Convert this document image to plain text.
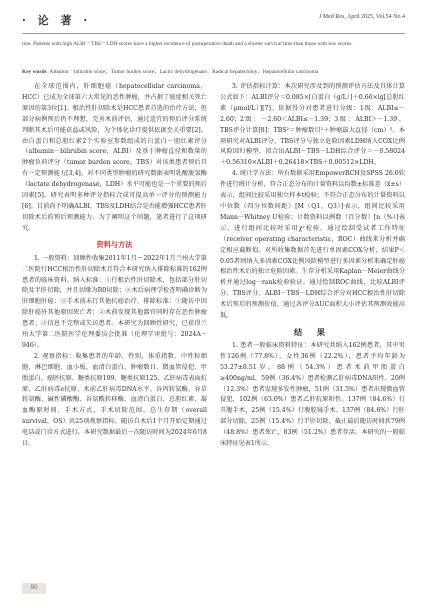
· 论 著 ·	J Med Res, April 2025, Vol.54 No.4
tion. Patients with high ALBI－TBS－LDH scores have a higher incidence of postoperative death and a shorter survival time than those with low scores.
Key words Albumin－bilirubin score；Tumor burden score；Lactic dehydrogenase；Radical hepatectomy；Hepatocellular carcinoma

在全球范围内，肝细胞癌（hepatocellular carcinoma，HCC）已成为全球第六大常见的恶性肿瘤，并占据了癌症相关死亡原因的第3位[1]。根治性肝切除术是HCC患者首选的治疗方法，但部分病例预后仍不理想，完善术前评估，通过适宜的预后评分系统判断其术后可能获益或风险，为个体化诊疗提供依据至关重要[2]。由白蛋白和总胆红素2个实验室参数组成的白蛋白－胆红素评分（albumin－bilirubin score，ALBI）及基于肿瘤直径和数量的肿瘤负荷评分（tumor burden score，TBS）对该类患者预后具有一定预测能力[3,4]。对不同类型肿瘤的研究数据表明乳酸脱氢酶（lactate dehydrogenase，LDH）水平可能也是一个重要的预后因素[5]。研究表明多种评分指标合成可提高单一评分的预测能力[6]。目前尚不明确ALBI、TBS及LDH结合是否能增强HCC患者肝切除术后的预后预测能力。为了阐明这个问题，笔者进行了这项研究。

资料与方法

1. 一般资料：回顾性收集2011年1月～2022年1月兰州大学第二医院行HCC根治性肝切除术且符合本研究纳入排除标准的162例患者的临床资料。纳入标准：①行根治性肝切除术，包括部分肝切除及半肝切除，并且切缘为R0切除；②术后病理学检查明确诊断为肝细胞肝癌；③手术前未行其他抗癌治疗。排除标准：①随访中因除肝癌外其他原因死亡者；②术前发现其他器官同时存在恶性肿瘤患者；③信息不完整或失访患者。本研究为回顾性研究，已获得兰州大学第二医院医学伦理委员会批准（伦理学审批号：2024A－946）。

2. 观察指标：收集患者的年龄、性别、体重指数、中性粒细胞、淋巴细胞、血小板、血清白蛋白、肿瘤数目、微血管侵犯、甲胎蛋白、癌胚抗原、糖类抗原199、糖类抗原125、乙肝病毒表面抗原、乙肝病毒e抗原、术前乙肝病毒DNA水平、谷丙转氨酶、谷草转氨酶、碱性磷酸酶、谷氨酰转移酶、血清白蛋白、总胆红素、凝血酶原时间、手术方式、手术切除范围、总生存期（overall survival，OS）共25项观察指标。随访自术后1个月开始定期通过电话或门诊方式进行。本研究数据最后一次随访时间为2024年6月8日。

3. 评估指标计算：本次研究涉及到的预测评估方法及具体计算公式如下：ALBI评分＝0.085×[白蛋白（g/L）]＋0.66×lg[总胆红素（μmol/L）][7]。依据得分对患者进行分级：1级：ALBI≤－2.60；2级：－2.60＜ALBI≤－1.39；3级：ALBI＞－1.39。TBS评分计算[8]：TBS²＝肿瘤数目²＋肿瘤最大直径（cm）²。本项研究对ALBI评分、TBS评分与独立危险因素LDH纳入COX比例风险回归模型，拟合出ALBI－TBS－LDH综合评分＝－0.58024＋0.56310×ALBI＋0.26418×TBS＋0.00512×LDH。

4. 统计学方法：所有数据采用EmpowerRCH及SPSS 26.0软件进行统计分析，符合正态分布的计量资料以均数±标准差（x̄±s）表示，组间比较采用独立样本t检验；不符合正态分布的计量资料以中位数（四分位数间距）[M（Q1，Q3）]表示，组间比较采用Mann－Whitney U检验；计数资料以例数（百分数）[n（%）]表示，进行组间比较时采用χ²检验。通过绘制受试者工作特征（receiver operating characteristic，ROC）曲线来分析并确定相应截断值。对所收集数据首先进行单因素COX分析，结果P＜0.05者则纳入多因素COX比例风险模型进行多因素分析来确定肝癌根治性术后的独立危险因素。生存分析采用Kaplan－Meier曲线分析并通过log－rank检验验证。通过绘制ROC曲线，比较ALBI评分、TBS评分、ALBI－TBS－LDH综合评分对HCC根治性肝切除术后预后的预测价值，通过各评分AUC面积大小评估其预测效能高低。

结 果

1. 患者一般临床资料特征：本研究共纳入162例患者，其中男性126例（77.8%），女性36例（22.2%），患者平均年龄为53.27±8.51岁。88例（54.3%）患者术前甲胎蛋白≥400ng/ml，59例（36.4%）患者检测乙肝病毒DNA阳性。20例（12.3%）患者发现多发性肿瘤，51例（31.5%）患者出现微血管侵犯，102例（63.0%）患者乙肝抗原阳性。137例（84.6%）行开腹手术，25例（15.4%）行腹腔镜手术。137例（84.6%）行肝部分切除，25例（15.4%）行半肝切除。截止最后随访时间共79例（48.8%）患者死亡，83例（51.2%）患者存活。本研究的一般临床特征见表1所示。

90
